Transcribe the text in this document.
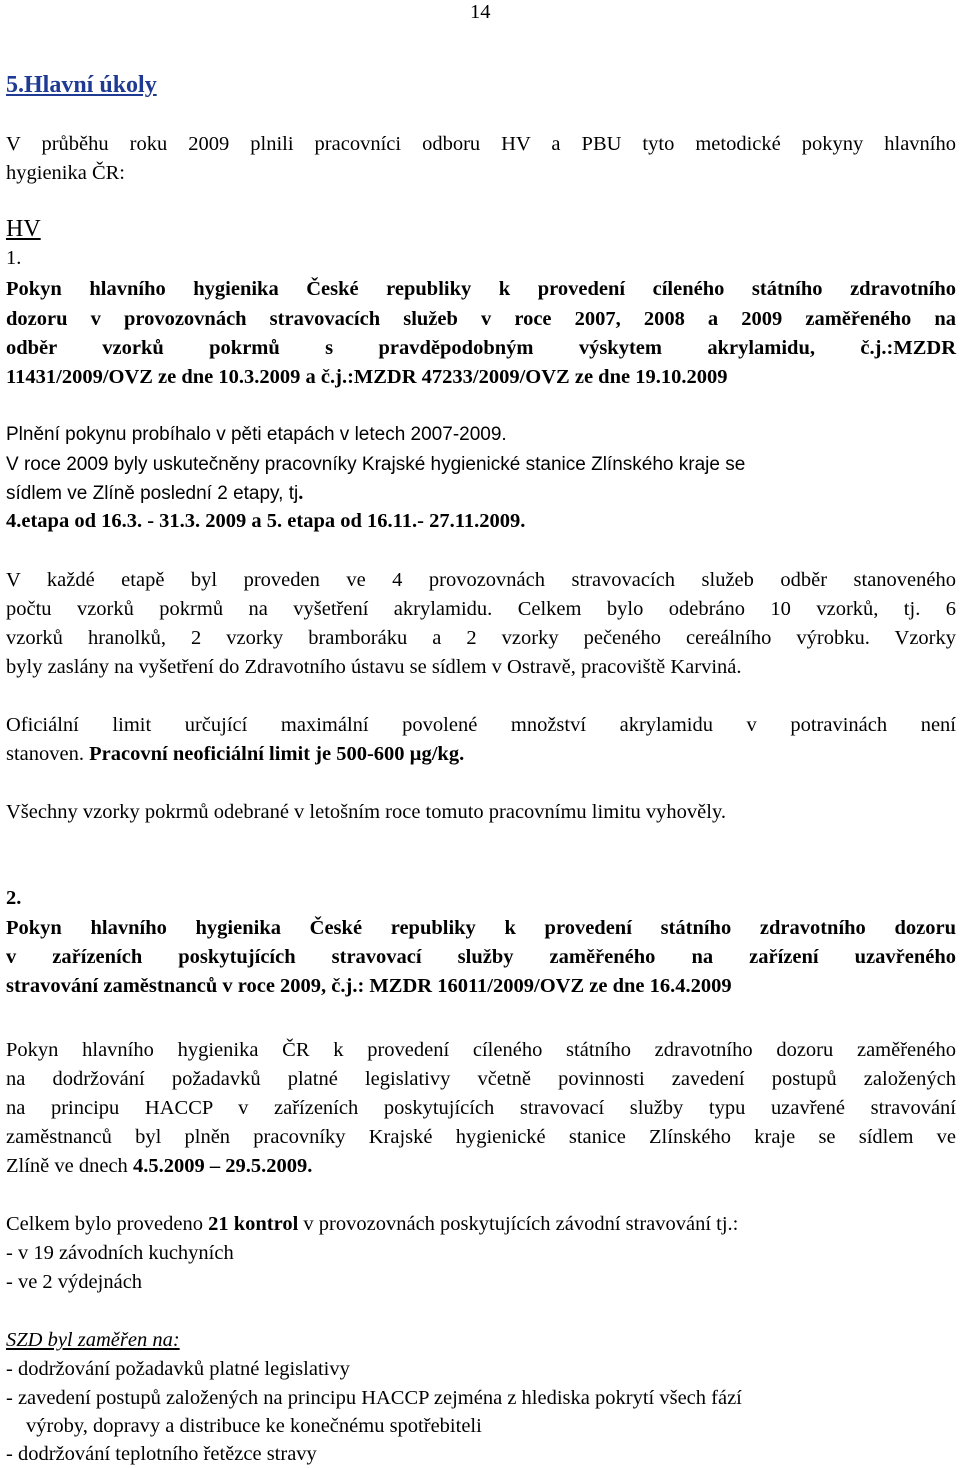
14
5.Hlavní úkoly
V průběhu roku 2009 plnili pracovníci odboru HV a PBU tyto metodické pokyny hlavního
hygienika ČR:
HV
1.
Pokyn hlavního hygienika České republiky k provedení cíleného státního zdravotního
dozoru v provozovnách stravovacích služeb v roce 2007, 2008 a 2009 zaměřeného na
odběr vzorků pokrmů s pravděpodobným výskytem akrylamidu, č.j.:MZDR
11431/2009/OVZ ze dne 10.3.2009 a č.j.:MZDR 47233/2009/OVZ ze dne 19.10.2009
Plnění pokynu probíhalo v pěti etapách v letech 2007-2009.
V roce 2009 byly uskutečněny pracovníky Krajské hygienické stanice Zlínského kraje se
sídlem ve Zlíně poslední 2 etapy, tj.
4.etapa od 16.3. - 31.3. 2009 a 5. etapa od 16.11.- 27.11.2009.
V každé etapě byl proveden ve 4 provozovnách stravovacích služeb odběr stanoveného
počtu vzorků pokrmů na vyšetření akrylamidu. Celkem bylo odebráno 10 vzorků, tj. 6
vzorků hranolků, 2 vzorky bramboráku a 2 vzorky pečeného cereálního výrobku. Vzorky
byly zaslány na vyšetření do Zdravotního ústavu se sídlem v Ostravě, pracoviště Karviná.
Oficiální limit určující maximální povolené množství akrylamidu v potravinách není
stanoven. Pracovní neoficiální limit je 500-600 µg/kg.
Všechny vzorky pokrmů odebrané v letošním roce tomuto pracovnímu limitu vyhověly.
2.
Pokyn hlavního hygienika České republiky k provedení státního zdravotního dozoru
v zařízeních poskytujících stravovací služby zaměřeného na zařízení uzavřeného
stravování zaměstnanců v roce 2009, č.j.: MZDR 16011/2009/OVZ ze dne 16.4.2009
Pokyn hlavního hygienika ČR k provedení cíleného státního zdravotního dozoru zaměřeného
na dodržování požadavků platné legislativy včetně povinnosti zavedení postupů založených
na principu HACCP v zařízeních poskytujících stravovací služby typu uzavřené stravování
zaměstnanců byl plněn pracovníky Krajské hygienické stanice Zlínského kraje se sídlem ve
Zlíně ve dnech 4.5.2009 – 29.5.2009.
Celkem bylo provedeno 21 kontrol v provozovnách poskytujících závodní stravování tj.:
- v 19 závodních kuchyních
- ve 2 výdejnách
SZD byl zaměřen na:
- dodržování požadavků platné legislativy
- zavedení postupů založených na principu HACCP zejména z hlediska pokrytí všech fází
výroby, dopravy a distribuce ke konečnému spotřebiteli
- dodržování teplotního řetězce stravy
